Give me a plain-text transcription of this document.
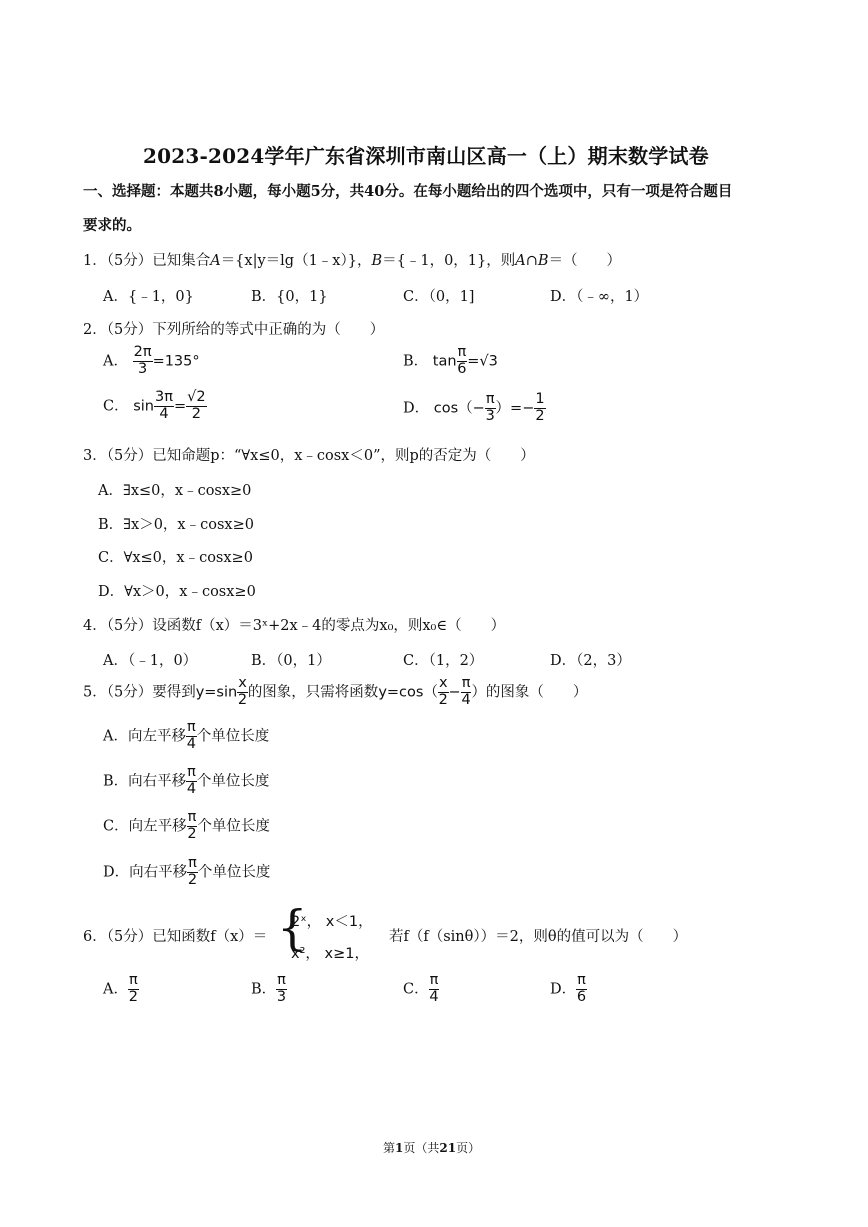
2023-2024学年广东省深圳市南山区高一（上）期末数学试卷
一、选择题：本题共8小题，每小题5分，共40分。在每小题给出的四个选项中，只有一项是符合题目
要求的。
1．（5分）已知集合A＝{x|y＝lg（1﹣x）}，B＝{﹣1，0，1}，则A∩B＝（　　）
A．{﹣1，0}	B．{0，1}	C．（0，1]	D．（﹣∞，1）
2．（5分）下列所给的等式中正确的为（　　）
A． $\frac{2\pi}{3} =135^\circ$	B． $\tan \frac{\pi}{6} =√3$
C． $\sin \frac{3\pi}{4} = \frac{√2}{2}$	D． $\cos(- \frac{\pi}{3}$ ）=− $\frac{1}{2}$
3．（5分）已知命题p：“∀x≤0，x﹣cosx＜0”，则p的否定为（　　）
A．∃x≤0，x﹣cosx≥0
B．∃x＞0，x﹣cosx≥0
C．∀x≤0，x﹣cosx≥0
D．∀x＞0，x﹣cosx≥0
4．（5分）设函数f（x）＝3ˣ+2x﹣4的零点为x₀，则x₀∈（　　）
A．（﹣1，0）	B．（0，1）	C．（1，2）	D．（2，3）
5．（5分）要得到$y=\sin \frac{x}{2}$ 的图象，只需将函数$y=\cos( \frac{x}{2} - \frac{\pi}{4}$ ）的图象（　　）
A．向左平移 $\frac{\pi}{4}$ 个单位长度
B．向右平移 $\frac{\pi}{4}$ 个单位长度
C．向左平移 $\frac{\pi}{2}$ 个单位长度
D．向右平移 $\frac{\pi}{2}$ 个单位长度
6．（5分）已知函数f（x）＝ {
2ˣ， x＜1，
x²， x≥1，
若f（f（sinθ））＝2，则θ的值可以为（　　）
A． $\frac{\pi}{2}$	B． $\frac{\pi}{3}$	C． $\frac{\pi}{4}$	D． $\frac{\pi}{6}$
第1页（共21页）
